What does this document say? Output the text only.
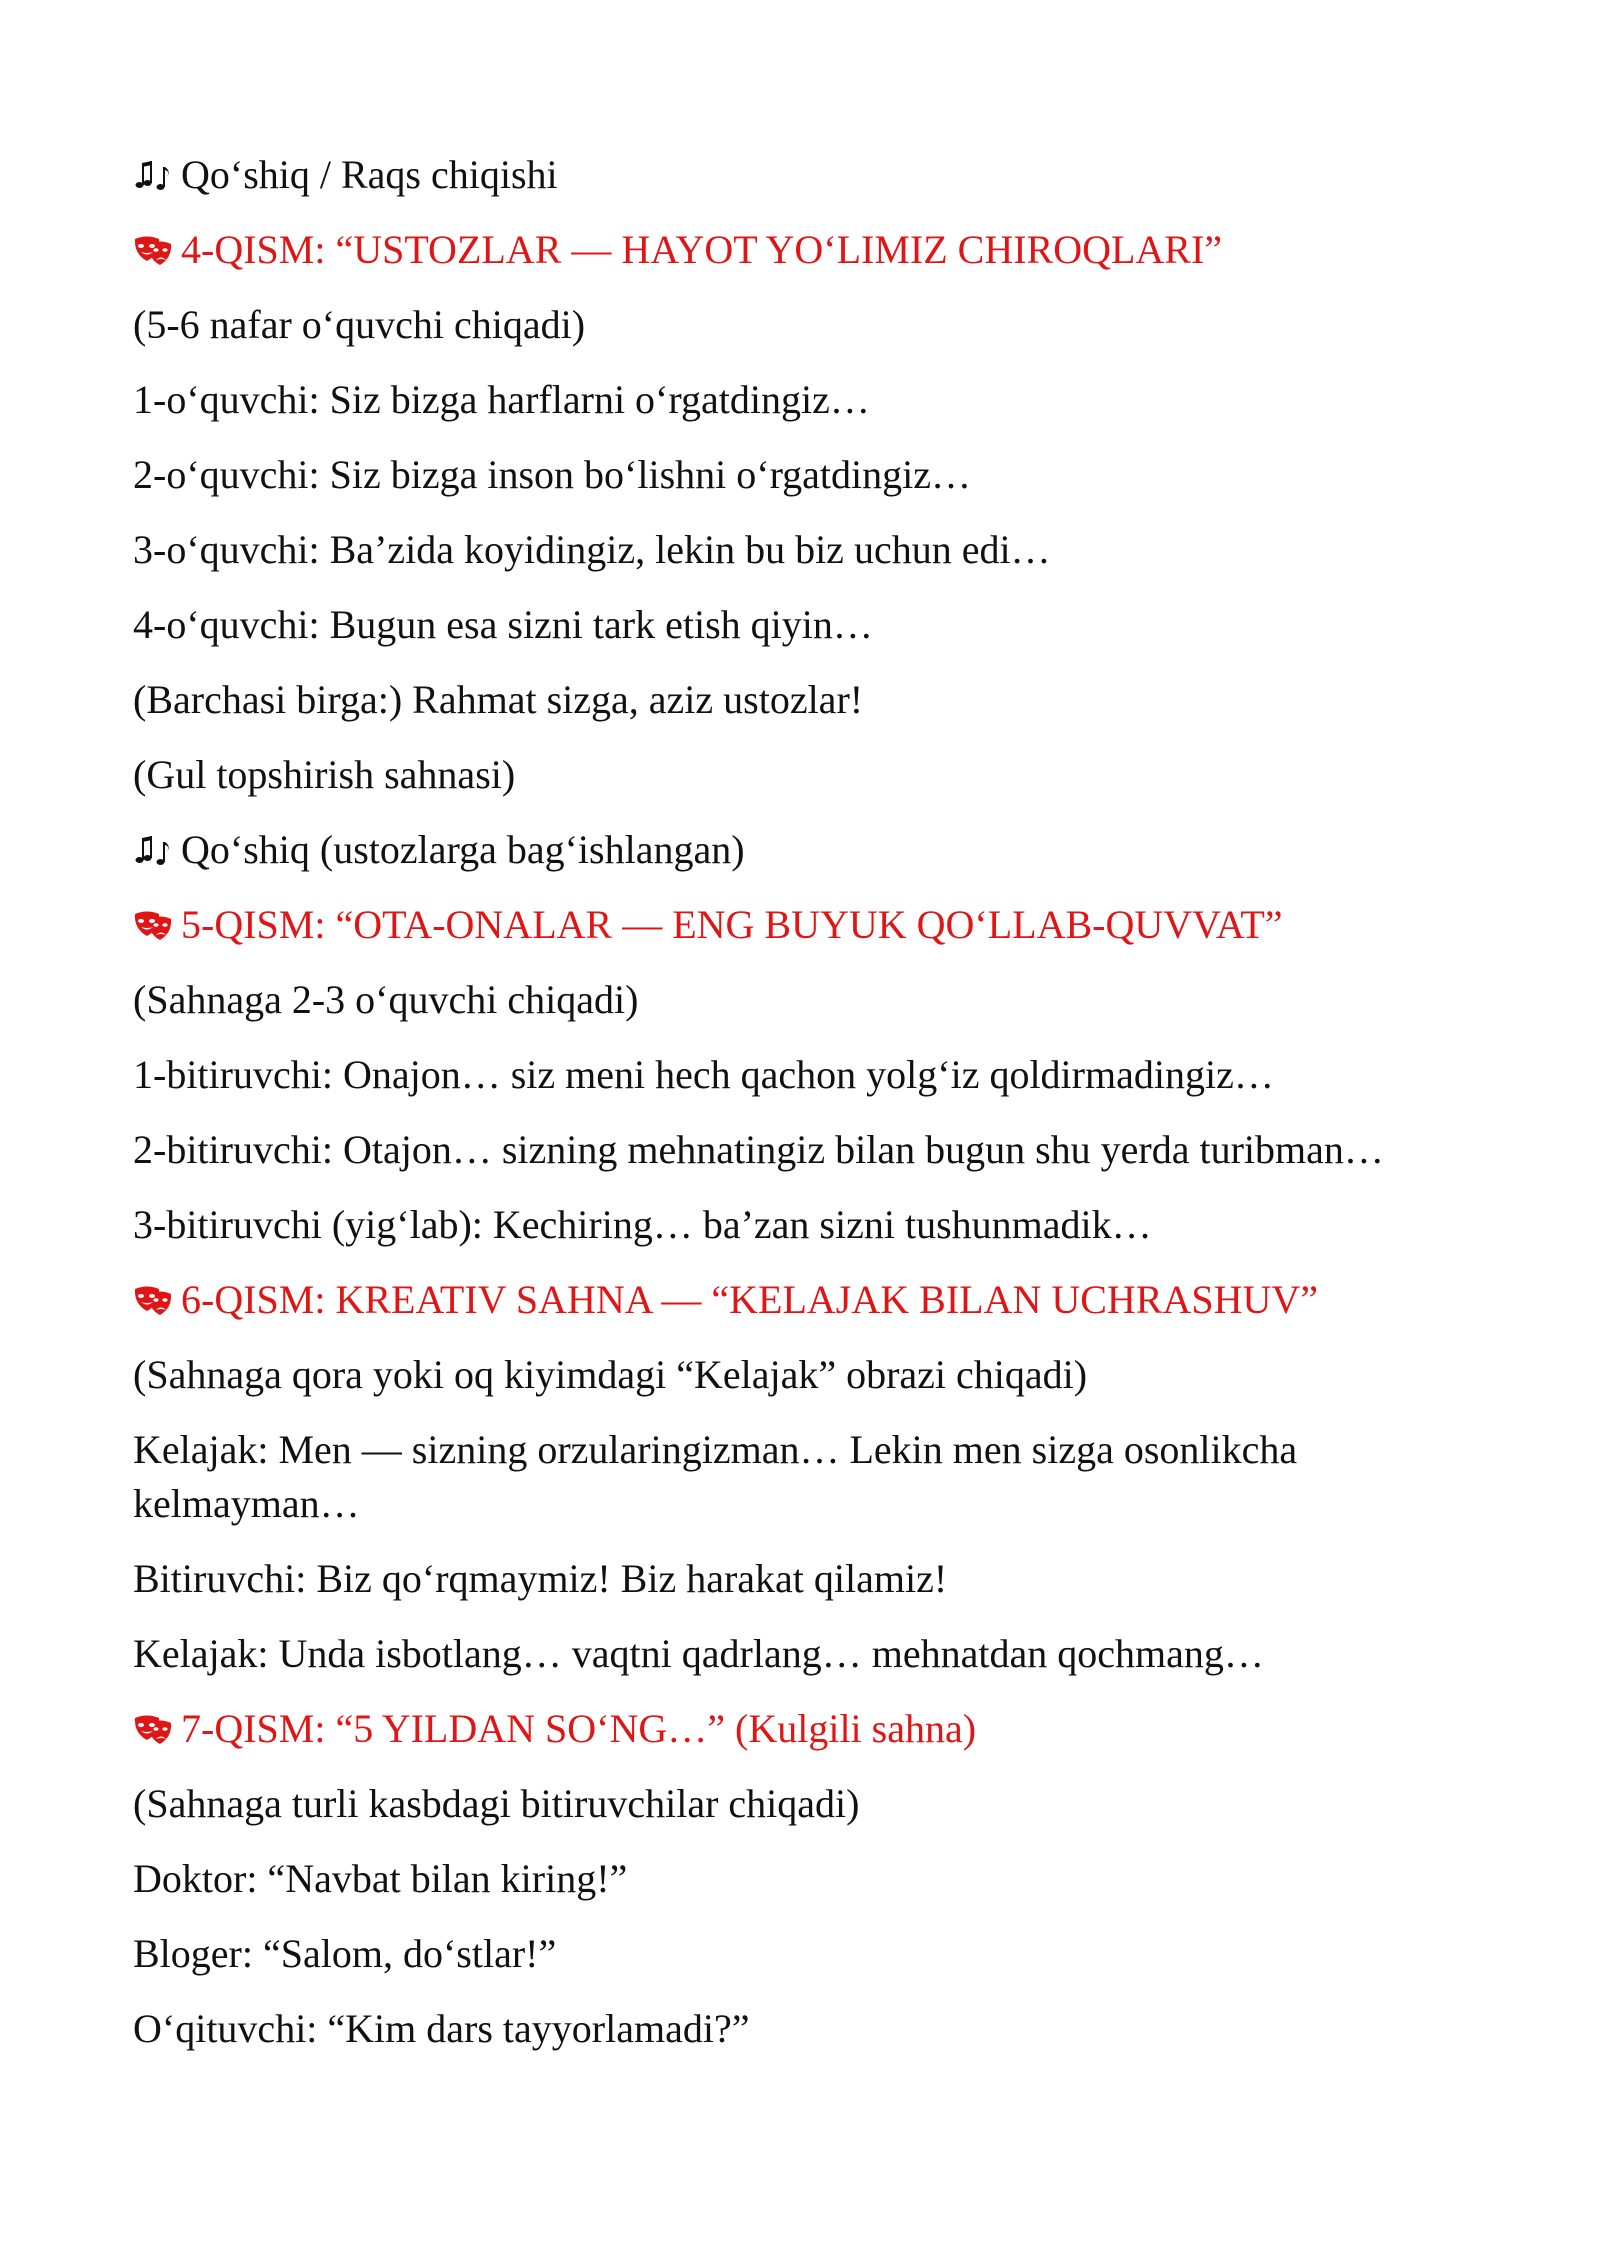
Qo‘shiq / Raqs chiqishi

4-QISM: “USTOZLAR — HAYOT YO‘LIMIZ CHIROQLARI”

(5-6 nafar o‘quvchi chiqadi)

1-o‘quvchi: Siz bizga harflarni o‘rgatdingiz…

2-o‘quvchi: Siz bizga inson bo‘lishni o‘rgatdingiz…

3-o‘quvchi: Ba’zida koyidingiz, lekin bu biz uchun edi…

4-o‘quvchi: Bugun esa sizni tark etish qiyin…

(Barchasi birga:) Rahmat sizga, aziz ustozlar!

(Gul topshirish sahnasi)

Qo‘shiq (ustozlarga bag‘ishlangan)

5-QISM: “OTA-ONALAR — ENG BUYUK QO‘LLAB-QUVVAT”

(Sahnaga 2-3 o‘quvchi chiqadi)

1-bitiruvchi: Onajon… siz meni hech qachon yolg‘iz qoldirmadingiz…

2-bitiruvchi: Otajon… sizning mehnatingiz bilan bugun shu yerda turibman…

3-bitiruvchi (yig‘lab): Kechiring… ba’zan sizni tushunmadik…

6-QISM: KREATIV SAHNA — “KELAJAK BILAN UCHRASHUV”

(Sahnaga qora yoki oq kiyimdagi “Kelajak” obrazi chiqadi)

Kelajak: Men — sizning orzularingizman… Lekin men sizga osonlikcha kelmayman…

Bitiruvchi: Biz qo‘rqmaymiz! Biz harakat qilamiz!

Kelajak: Unda isbotlang… vaqtni qadrlang… mehnatdan qochmang…

7-QISM: “5 YILDAN SO‘NG…” (Kulgili sahna)

(Sahnaga turli kasbdagi bitiruvchilar chiqadi)

Doktor: “Navbat bilan kiring!”

Bloger: “Salom, do‘stlar!”

O‘qituvchi: “Kim dars tayyorlamadi?”
